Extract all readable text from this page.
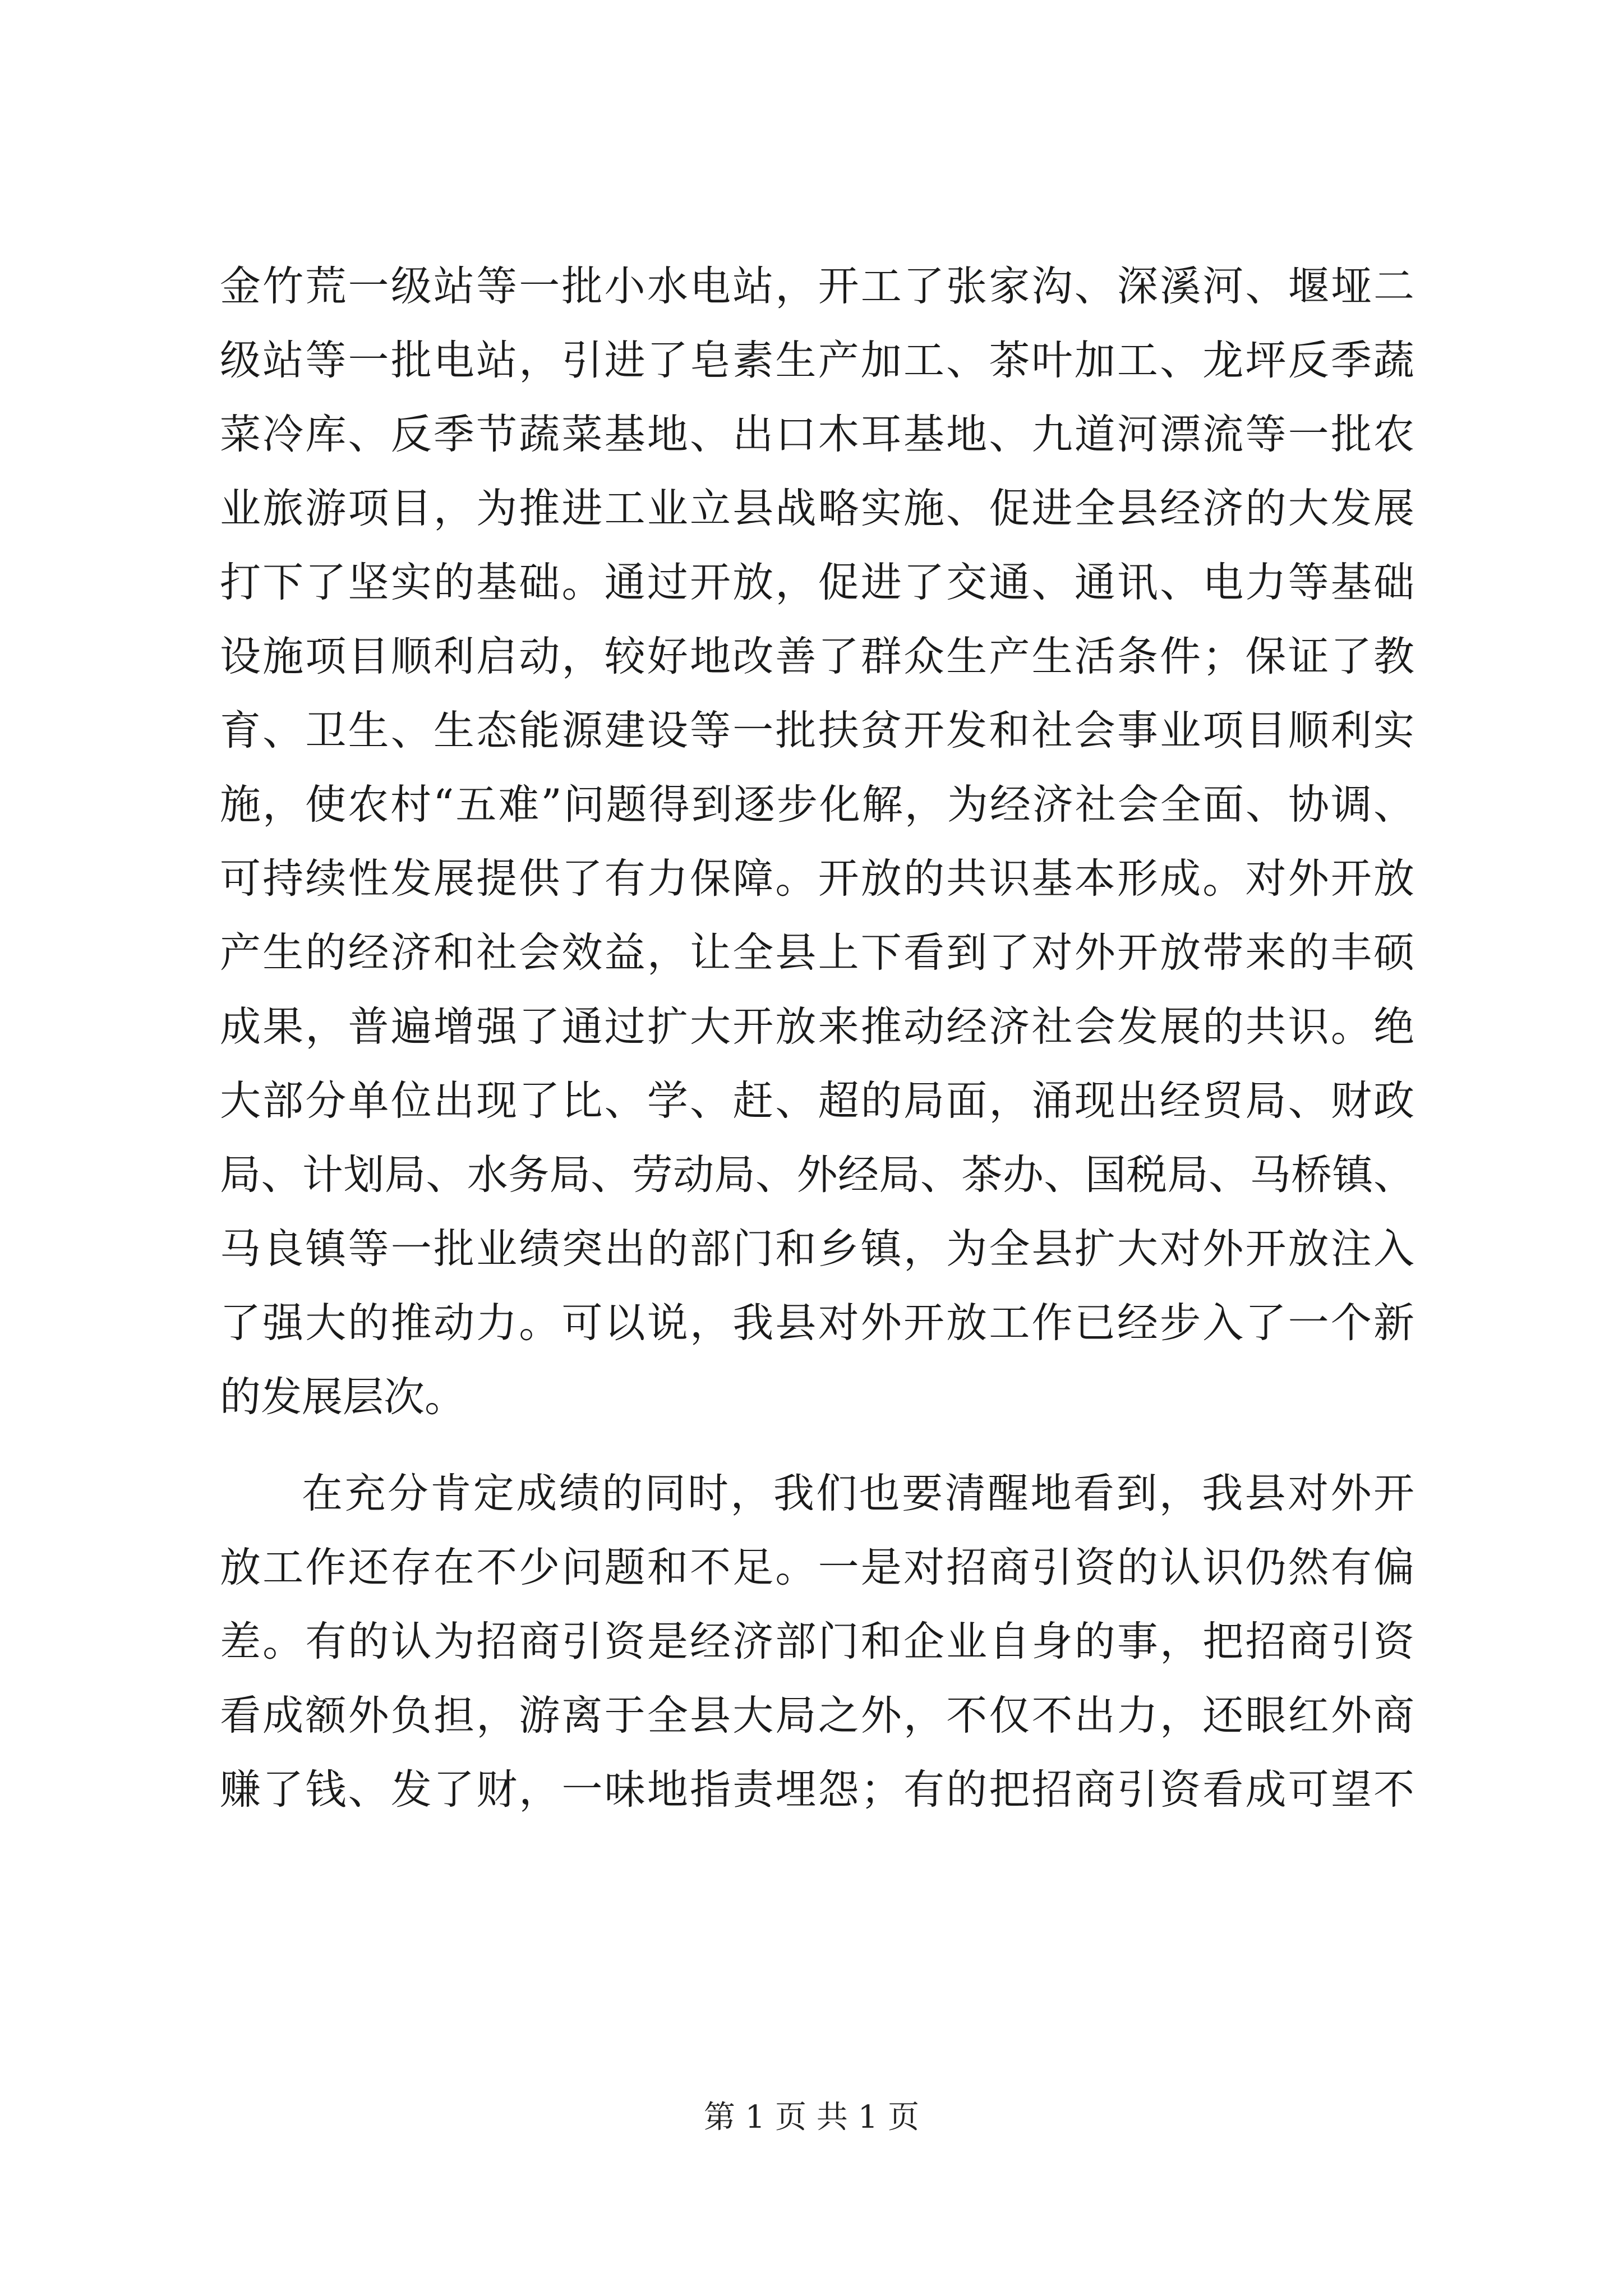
金竹荒一级站等一批小水电站，开工了张家沟、深溪河、堰垭二
级站等一批电站，引进了皂素生产加工、茶叶加工、龙坪反季蔬
菜冷库、反季节蔬菜基地、出口木耳基地、九道河漂流等一批农
业旅游项目，为推进工业立县战略实施、促进全县经济的大发展
打下了坚实的基础。通过开放，促进了交通、通讯、电力等基础
设施项目顺利启动，较好地改善了群众生产生活条件；保证了教
育、卫生、生态能源建设等一批扶贫开发和社会事业项目顺利实
施，使农村“五难”问题得到逐步化解，为经济社会全面、协调、
可持续性发展提供了有力保障。开放的共识基本形成。对外开放
产生的经济和社会效益，让全县上下看到了对外开放带来的丰硕
成果，普遍增强了通过扩大开放来推动经济社会发展的共识。绝
大部分单位出现了比、学、赶、超的局面，涌现出经贸局、财政
局、计划局、水务局、劳动局、外经局、茶办、国税局、马桥镇、
马良镇等一批业绩突出的部门和乡镇，为全县扩大对外开放注入
了强大的推动力。可以说，我县对外开放工作已经步入了一个新
的发展层次。
在充分肯定成绩的同时，我们也要清醒地看到，我县对外开
放工作还存在不少问题和不足。一是对招商引资的认识仍然有偏
差。有的认为招商引资是经济部门和企业自身的事，把招商引资
看成额外负担，游离于全县大局之外，不仅不出力，还眼红外商
赚了钱、发了财，一味地指责埋怨；有的把招商引资看成可望不
第 1 页 共 1 页
